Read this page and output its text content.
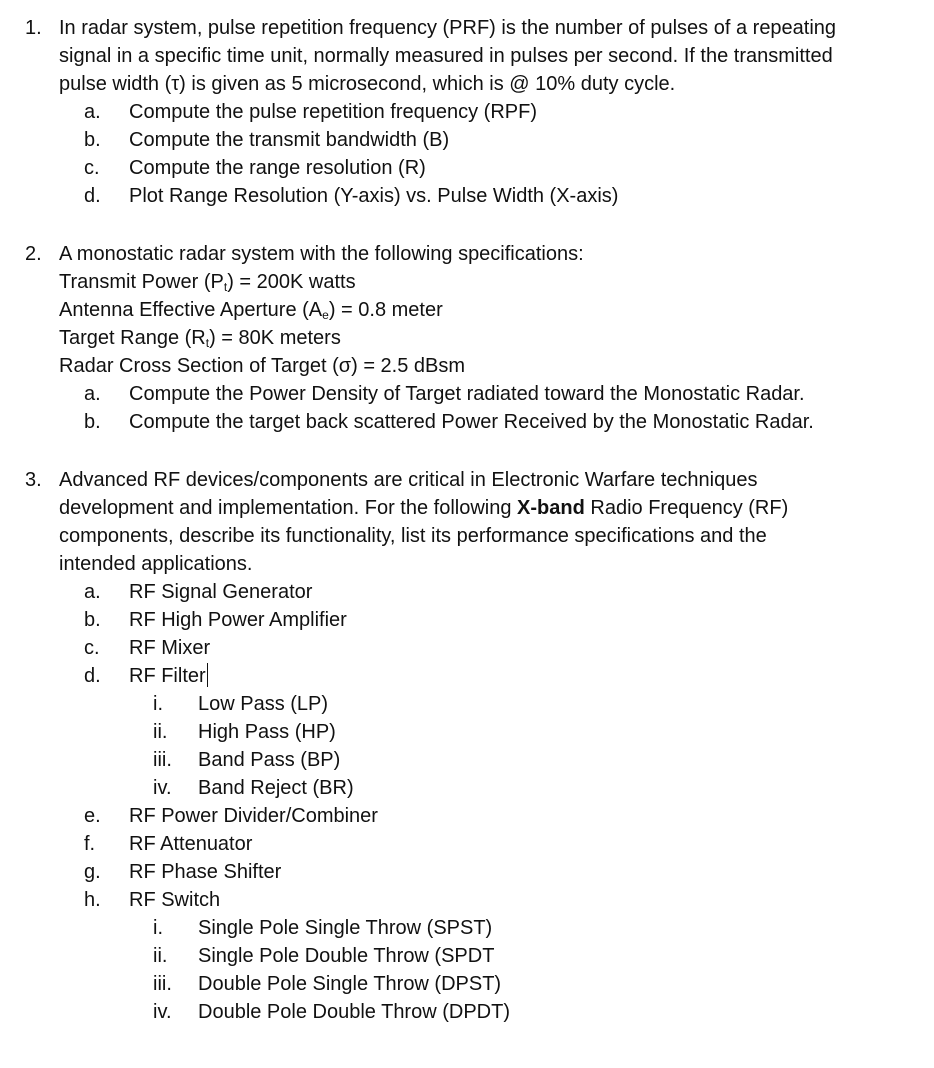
1. In radar system, pulse repetition frequency (PRF) is the number of pulses of a repeating
signal in a specific time unit, normally measured in pulses per second. If the transmitted
pulse width (τ) is given as 5 microsecond, which is @ 10% duty cycle.
a. Compute the pulse repetition frequency (RPF)
b. Compute the transmit bandwidth (B)
c. Compute the range resolution (R)
d. Plot Range Resolution (Y-axis) vs. Pulse Width (X-axis)
2. A monostatic radar system with the following specifications:
Transmit Power $(P_t) = 200K$ watts
Antenna Effective Aperture $(A_e) = 0.8$ meter
Target Range $(R_t) = 80K$ meters
Radar Cross Section of Target (σ) = 2.5 dBsm
a. Compute the Power Density of Target radiated toward the Monostatic Radar.
b. Compute the target back scattered Power Received by the Monostatic Radar.
3. Advanced RF devices/components are critical in Electronic Warfare techniques
development and implementation. For the following X-band Radio Frequency (RF)
components, describe its functionality, list its performance specifications and the
intended applications.
a. RF Signal Generator
b. RF High Power Amplifier
c. RF Mixer
d. RF Filter
i. Low Pass (LP)
ii. High Pass (HP)
iii. Band Pass (BP)
iv. Band Reject (BR)
e. RF Power Divider/Combiner
f. RF Attenuator
g. RF Phase Shifter
h. RF Switch
i. Single Pole Single Throw (SPST)
ii. Single Pole Double Throw (SPDT
iii. Double Pole Single Throw (DPST)
iv. Double Pole Double Throw (DPDT)
